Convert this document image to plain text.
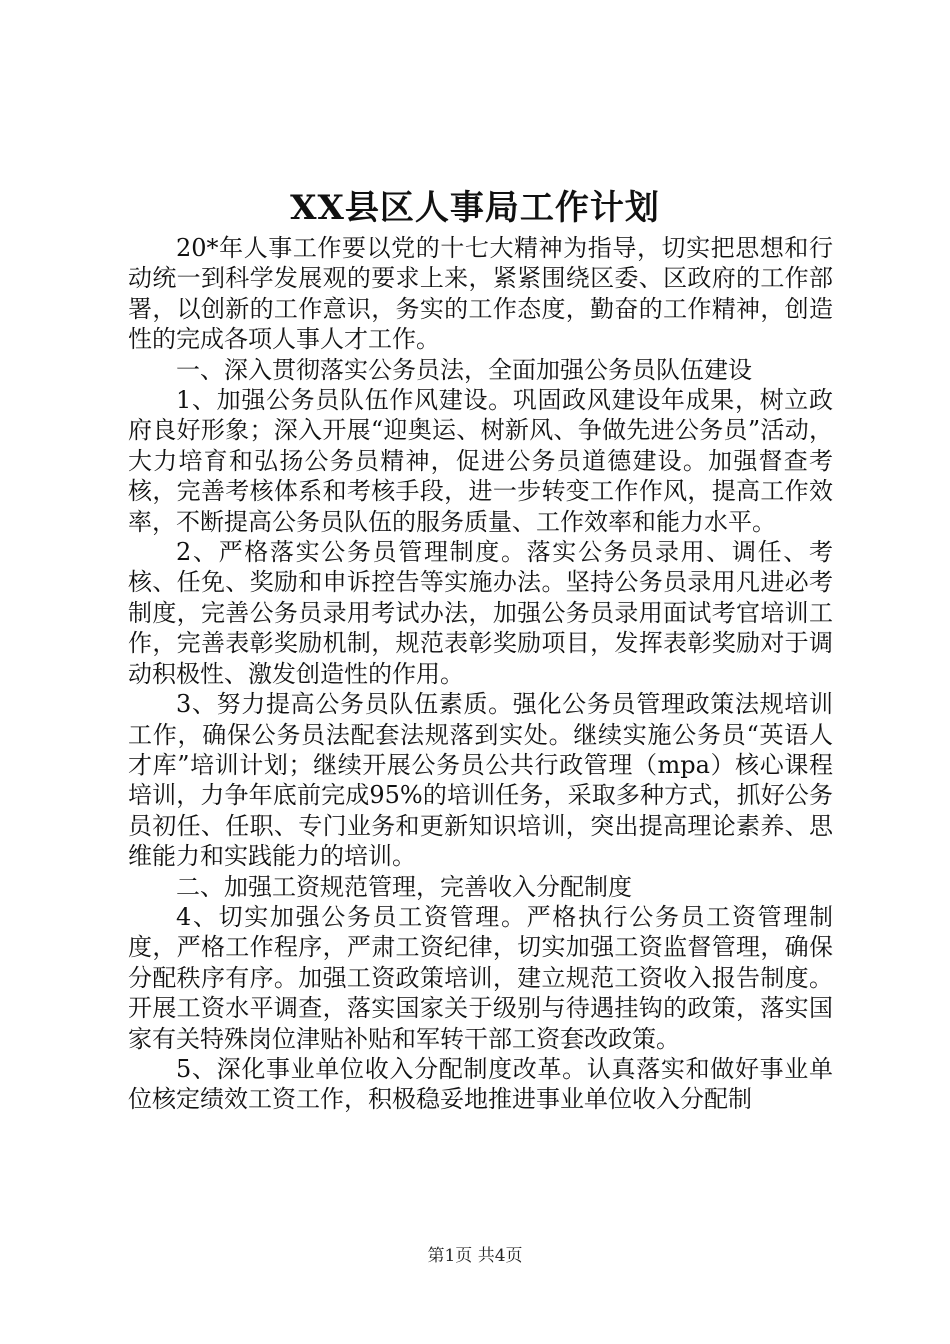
XX县区人事局工作计划

20*年人事工作要以党的十七大精神为指导，切实把思想和行动统一到科学发展观的要求上来，紧紧围绕区委、区政府的工作部署，以创新的工作意识，务实的工作态度，勤奋的工作精神，创造性的完成各项人事人才工作。

一、深入贯彻落实公务员法，全面加强公务员队伍建设

1、加强公务员队伍作风建设。巩固政风建设年成果，树立政府良好形象；深入开展“迎奥运、树新风、争做先进公务员”活动，大力培育和弘扬公务员精神，促进公务员道德建设。加强督查考核，完善考核体系和考核手段，进一步转变工作作风，提高工作效率，不断提高公务员队伍的服务质量、工作效率和能力水平。

2、严格落实公务员管理制度。落实公务员录用、调任、考核、任免、奖励和申诉控告等实施办法。坚持公务员录用凡进必考制度，完善公务员录用考试办法，加强公务员录用面试考官培训工作，完善表彰奖励机制，规范表彰奖励项目，发挥表彰奖励对于调动积极性、激发创造性的作用。

3、努力提高公务员队伍素质。强化公务员管理政策法规培训工作，确保公务员法配套法规落到实处。继续实施公务员“英语人才库”培训计划；继续开展公务员公共行政管理（mpa）核心课程培训，力争年底前完成95%的培训任务，采取多种方式，抓好公务员初任、任职、专门业务和更新知识培训，突出提高理论素养、思维能力和实践能力的培训。

二、加强工资规范管理，完善收入分配制度

4、切实加强公务员工资管理。严格执行公务员工资管理制度，严格工作程序，严肃工资纪律，切实加强工资监督管理，确保分配秩序有序。加强工资政策培训，建立规范工资收入报告制度。开展工资水平调查，落实国家关于级别与待遇挂钩的政策，落实国家有关特殊岗位津贴补贴和军转干部工资套改政策。

5、深化事业单位收入分配制度改革。认真落实和做好事业单位核定绩效工资工作，积极稳妥地推进事业单位收入分配制

第1页 共4页
